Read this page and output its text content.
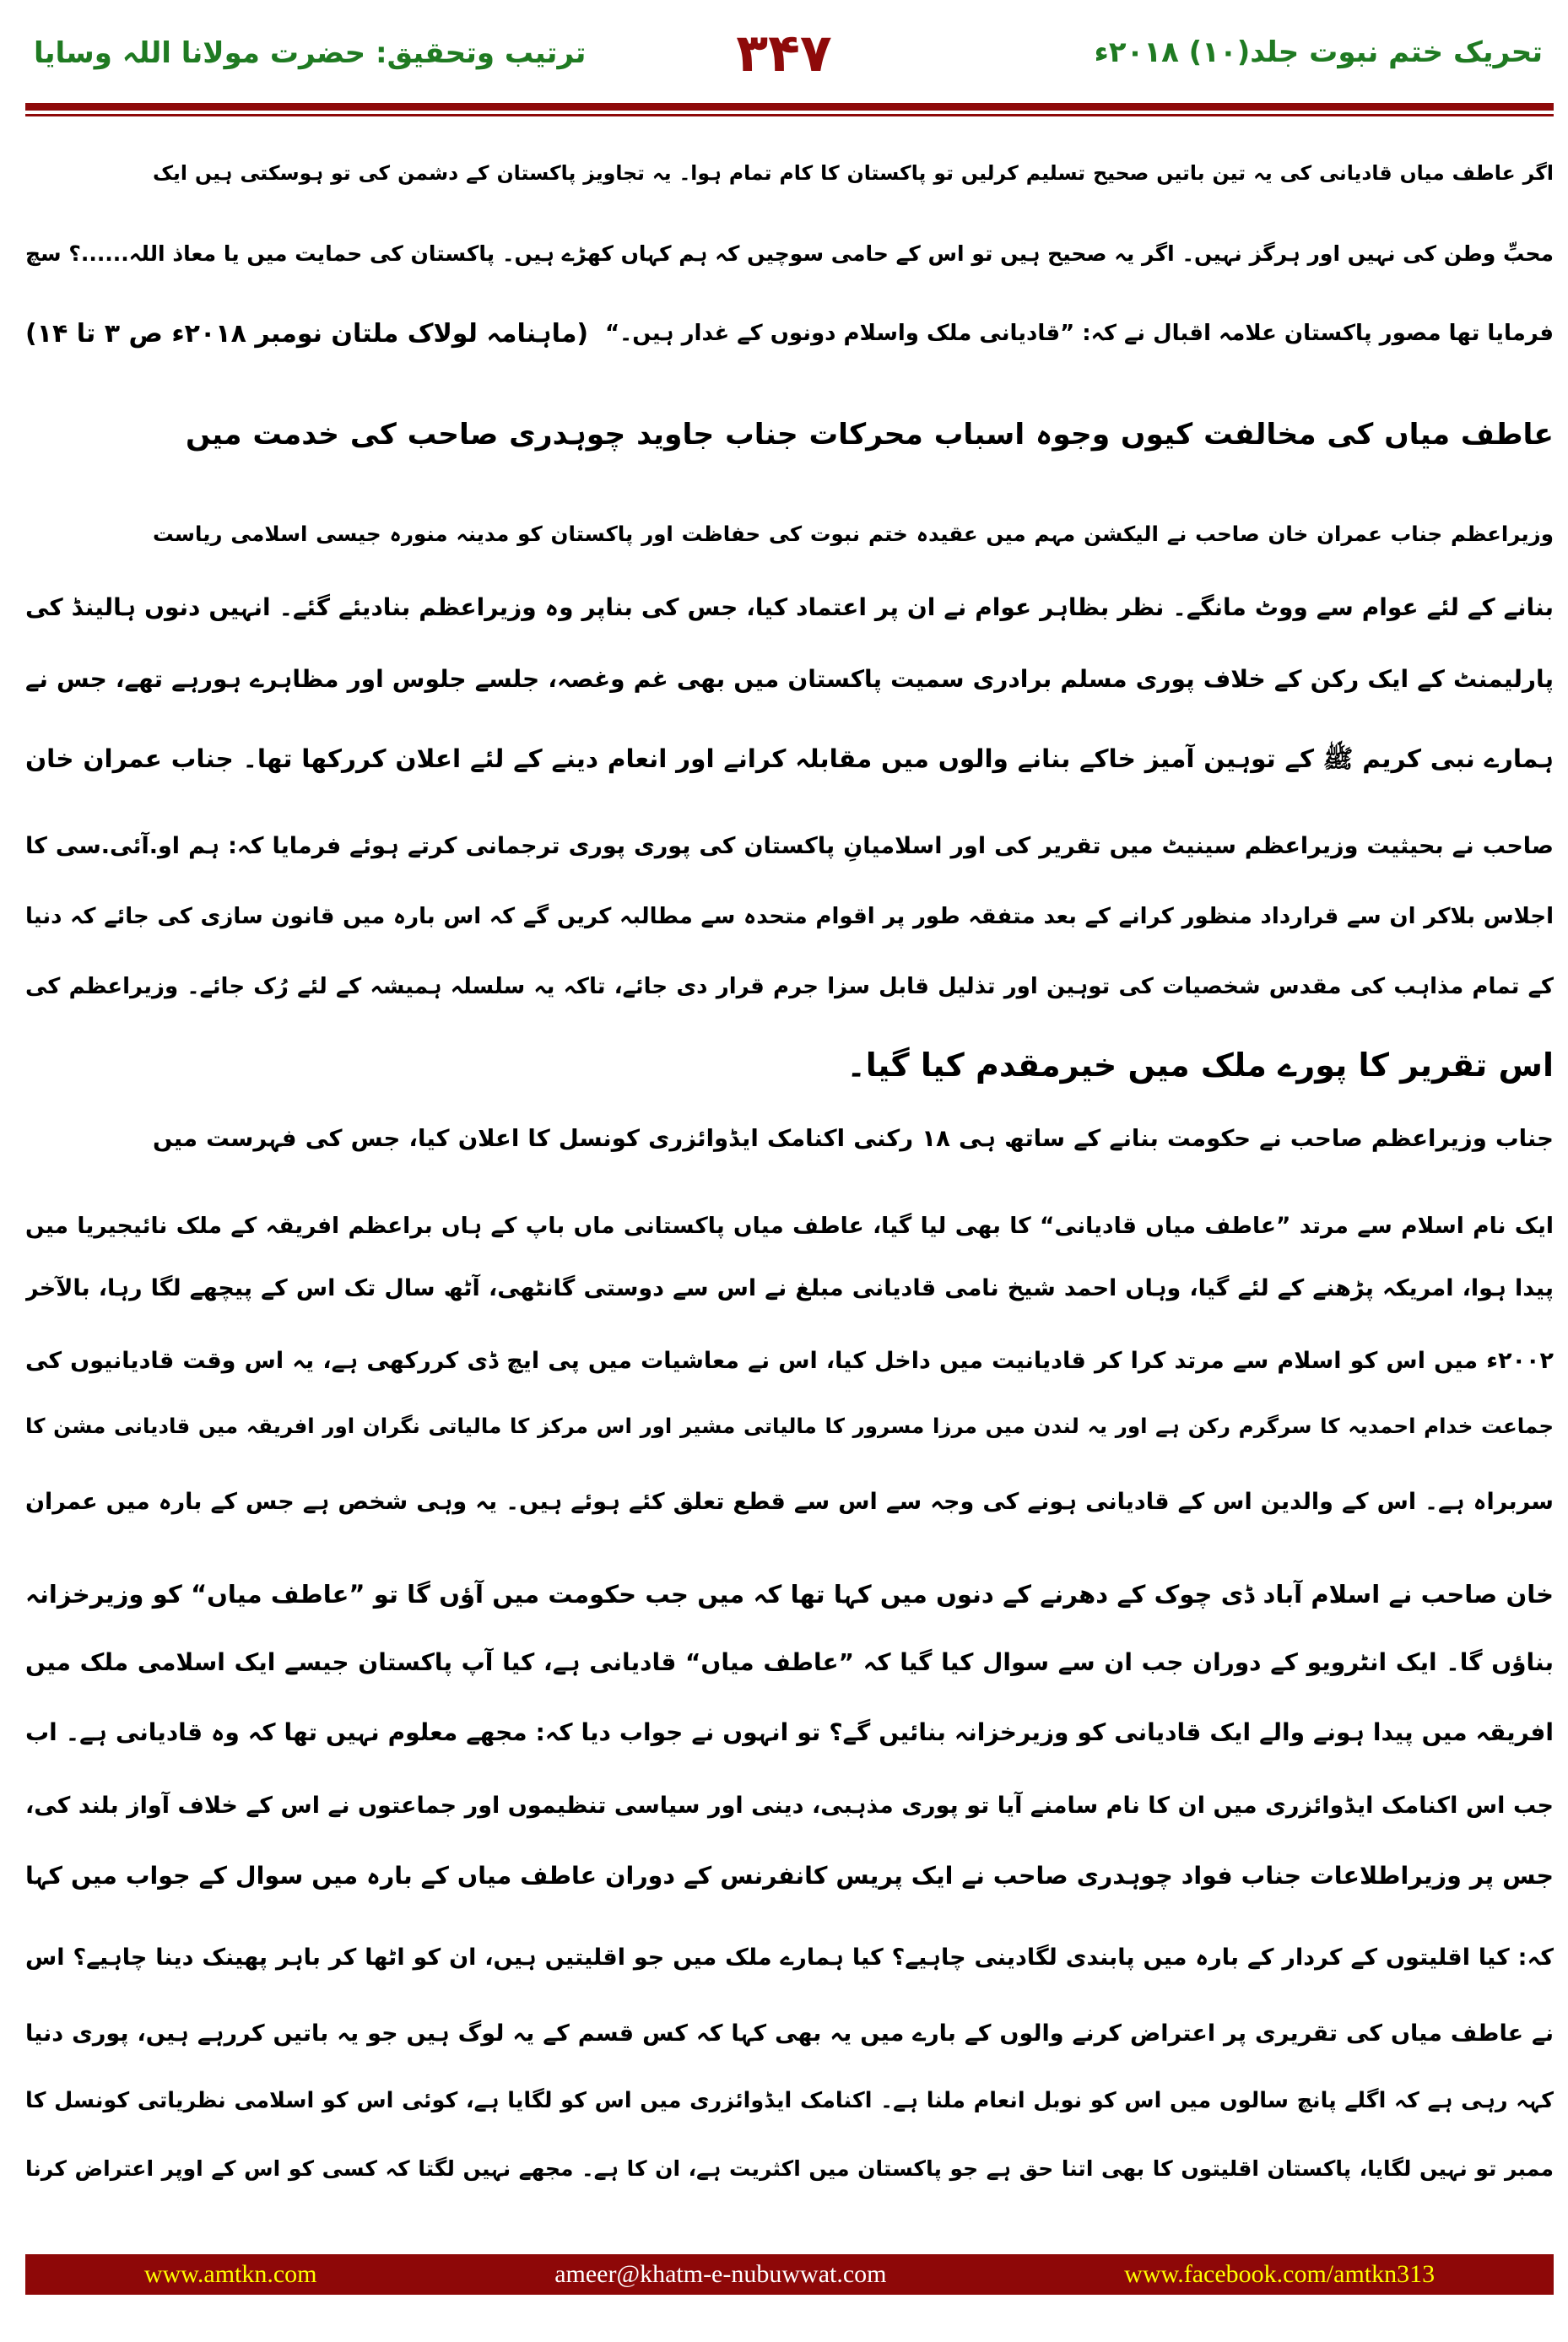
۳۴۷	تحریک ختم نبوت جلد(۱۰) ۲۰۱۸ء
ترتیب وتحقیق: حضرت مولانا اللہ وسایا
اگر عاطف میاں قادیانی کی یہ تین باتیں صحیح تسلیم کرلیں تو پاکستان کا کام تمام ہوا۔ یہ تجاویز پاکستان کے دشمن کی تو ہوسکتی ہیں ایک
محبِّ وطن کی نہیں اور ہرگز نہیں۔ اگر یہ صحیح ہیں تو اس کے حامی سوچیں کہ ہم کہاں کھڑے ہیں۔ پاکستان کی حمایت میں یا معاذ اللہ......؟ سچ
فرمایا تھا مصور پاکستان علامہ اقبال نے کہ: ”قادیانی ملک واسلام دونوں کے غدار ہیں۔“
(ماہنامہ لولاک ملتان نومبر ۲۰۱۸ء ص ۳ تا ۱۴)
عاطف میاں کی مخالفت کیوں وجوہ اسباب محرکات جناب جاوید چوہدری صاحب کی خدمت میں
وزیراعظم جناب عمران خان صاحب نے الیکشن مہم میں عقیدہ ختم نبوت کی حفاظت اور پاکستان کو مدینہ منورہ جیسی اسلامی ریاست
بنانے کے لئے عوام سے ووٹ مانگے۔ نظر بظاہر عوام نے ان پر اعتماد کیا، جس کی بناپر وہ وزیراعظم بنادیئے گئے۔ انہیں دنوں ہالینڈ کی
پارلیمنٹ کے ایک رکن کے خلاف پوری مسلم برادری سمیت پاکستان میں بھی غم وغصہ، جلسے جلوس اور مظاہرے ہورہے تھے، جس نے
ہمارے نبی کریم ﷺ کے توہین آمیز خاکے بنانے والوں میں مقابلہ کرانے اور انعام دینے کے لئے اعلان کررکھا تھا۔ جناب عمران خان
صاحب نے بحیثیت وزیراعظم سینیٹ میں تقریر کی اور اسلامیانِ پاکستان کی پوری پوری ترجمانی کرتے ہوئے فرمایا کہ: ہم او.آئی.سی کا
اجلاس بلاکر ان سے قرارداد منظور کرانے کے بعد متفقہ طور پر اقوام متحدہ سے مطالبہ کریں گے کہ اس بارہ میں قانون سازی کی جائے کہ دنیا
کے تمام مذاہب کی مقدس شخصیات کی توہین اور تذلیل قابل سزا جرم قرار دی جائے، تاکہ یہ سلسلہ ہمیشہ کے لئے رُک جائے۔ وزیراعظم کی
اس تقریر کا پورے ملک میں خیرمقدم کیا گیا۔
جناب وزیراعظم صاحب نے حکومت بنانے کے ساتھ ہی ۱۸ رکنی اکنامک ایڈوائزری کونسل کا اعلان کیا، جس کی فہرست میں
ایک نام اسلام سے مرتد ”عاطف میاں قادیانی“ کا بھی لیا گیا، عاطف میاں پاکستانی ماں باپ کے ہاں براعظم افریقہ کے ملک نائیجیریا میں
پیدا ہوا، امریکہ پڑھنے کے لئے گیا، وہاں احمد شیخ نامی قادیانی مبلغ نے اس سے دوستی گانٹھی، آٹھ سال تک اس کے پیچھے لگا رہا، بالآخر
۲۰۰۲ء میں اس کو اسلام سے مرتد کرا کر قادیانیت میں داخل کیا، اس نے معاشیات میں پی ایچ ڈی کررکھی ہے، یہ اس وقت قادیانیوں کی
جماعت خدام احمدیہ کا سرگرم رکن ہے اور یہ لندن میں مرزا مسرور کا مالیاتی مشیر اور اس مرکز کا مالیاتی نگران اور افریقہ میں قادیانی مشن کا
سربراہ ہے۔ اس کے والدین اس کے قادیانی ہونے کی وجہ سے اس سے قطع تعلق کئے ہوئے ہیں۔ یہ وہی شخص ہے جس کے بارہ میں عمران
خان صاحب نے اسلام آباد ڈی چوک کے دھرنے کے دنوں میں کہا تھا کہ میں جب حکومت میں آؤں گا تو ”عاطف میاں“ کو وزیرخزانہ
بناؤں گا۔ ایک انٹرویو کے دوران جب ان سے سوال کیا گیا کہ ”عاطف میاں“ قادیانی ہے، کیا آپ پاکستان جیسے ایک اسلامی ملک میں
افریقہ میں پیدا ہونے والے ایک قادیانی کو وزیرخزانہ بنائیں گے؟ تو انہوں نے جواب دیا کہ: مجھے معلوم نہیں تھا کہ وہ قادیانی ہے۔ اب
جب اس اکنامک ایڈوائزری میں ان کا نام سامنے آیا تو پوری مذہبی، دینی اور سیاسی تنظیموں اور جماعتوں نے اس کے خلاف آواز بلند کی،
جس پر وزیراطلاعات جناب فواد چوہدری صاحب نے ایک پریس کانفرنس کے دوران عاطف میاں کے بارہ میں سوال کے جواب میں کہا
کہ: کیا اقلیتوں کے کردار کے بارہ میں پابندی لگادینی چاہیے؟ کیا ہمارے ملک میں جو اقلیتیں ہیں، ان کو اٹھا کر باہر پھینک دینا چاہیے؟ اس
نے عاطف میاں کی تقریری پر اعتراض کرنے والوں کے بارے میں یہ بھی کہا کہ کس قسم کے یہ لوگ ہیں جو یہ باتیں کررہے ہیں، پوری دنیا
کہہ رہی ہے کہ اگلے پانچ سالوں میں اس کو نوبل انعام ملنا ہے۔ اکنامک ایڈوائزری میں اس کو لگایا ہے، کوئی اس کو اسلامی نظریاتی کونسل کا
ممبر تو نہیں لگایا، پاکستان اقلیتوں کا بھی اتنا حق ہے جو پاکستان میں اکثریت ہے، ان کا ہے۔ مجھے نہیں لگتا کہ کسی کو اس کے اوپر اعتراض کرنا
www.amtkn.com	ameer@khatm-e-nubuwwat.com	www.facebook.com/amtkn313
